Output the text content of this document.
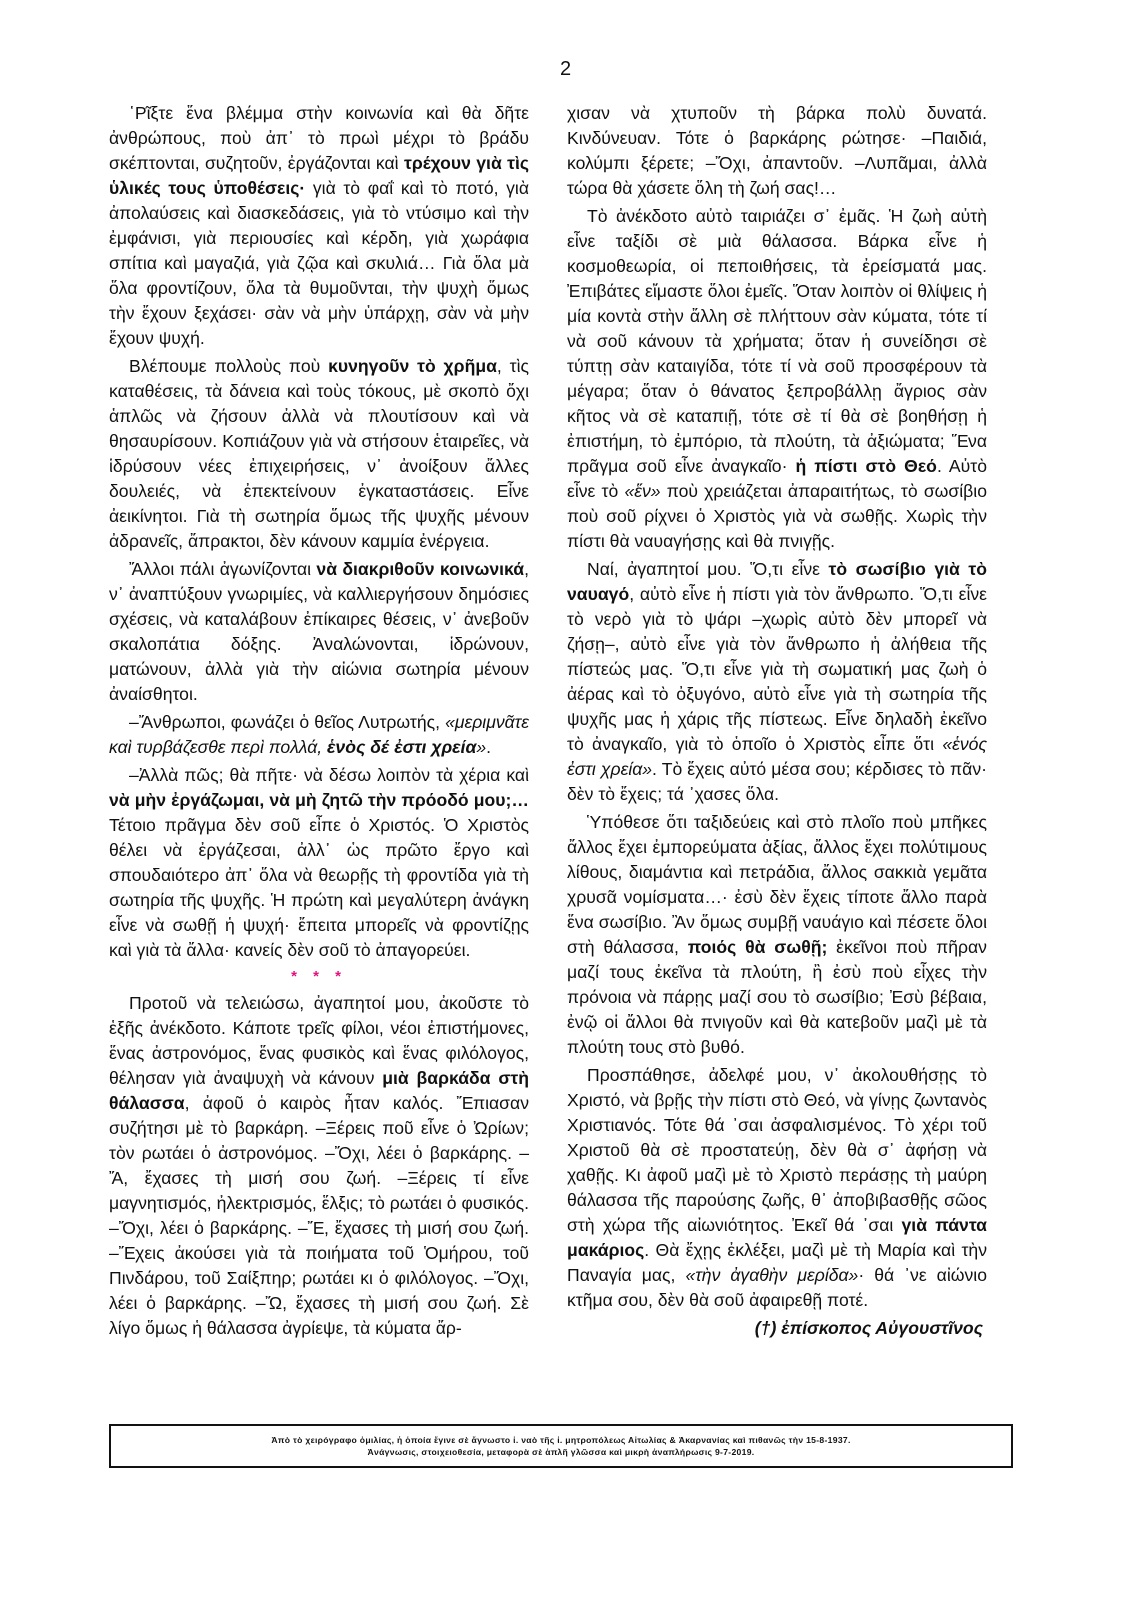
2

῾Ρῖξτε ἕνα βλέμμα στὴν κοινωνία καὶ θὰ δῆτε ἀνθρώπους, ποὺ ἀπ᾽ τὸ πρωὶ μέχρι τὸ βράδυ σκέπτονται, συζητοῦν, ἐργάζονται καὶ τρέχουν γιὰ τὶς ὑλικές τους ὑποθέσεις· γιὰ τὸ φαΐ καὶ τὸ ποτό, γιὰ ἀπολαύσεις καὶ διασκεδάσεις, γιὰ τὸ ντύσιμο καὶ τὴν ἐμφάνισι, γιὰ περιουσίες καὶ κέρδη, γιὰ χωράφια σπίτια καὶ μαγαζιά, γιὰ ζῷα καὶ σκυλιά… Γιὰ ὅλα μὰ ὅλα φροντίζουν, ὅλα τὰ θυμοῦνται, τὴν ψυχὴ ὅμως τὴν ἔχουν ξεχάσει· σὰν νὰ μὴν ὑπάρχῃ, σὰν νὰ μὴν ἔχουν ψυχή.

Βλέπουμε πολλοὺς ποὺ κυνηγοῦν τὸ χρῆμα, τὶς καταθέσεις, τὰ δάνεια καὶ τοὺς τόκους, μὲ σκοπὸ ὄχι ἁπλῶς νὰ ζήσουν ἀλλὰ νὰ πλουτίσουν καὶ νὰ θησαυρίσουν. Κοπιάζουν γιὰ νὰ στήσουν ἑταιρεῖες, νὰ ἱδρύσουν νέες ἐπιχειρήσεις, ν᾽ ἀνοίξουν ἄλλες δουλειές, νὰ ἐπεκτείνουν ἐγκαταστάσεις. Εἶνε ἀεικίνητοι. Γιὰ τὴ σωτηρία ὅμως τῆς ψυχῆς μένουν ἀδρανεῖς, ἄπρακτοι, δὲν κάνουν καμμία ἐνέργεια.

Ἄλλοι πάλι ἀγωνίζονται νὰ διακριθοῦν κοινωνικά, ν᾽ ἀναπτύξουν γνωριμίες, νὰ καλλιεργήσουν δημόσιες σχέσεις, νὰ καταλάβουν ἐπίκαιρες θέσεις, ν᾽ ἀνεβοῦν σκαλοπάτια δόξης. Ἀναλώνονται, ἱδρώνουν, ματώνουν, ἀλλὰ γιὰ τὴν αἰώνια σωτηρία μένουν ἀναίσθητοι.

–Ἄνθρωποι, φωνάζει ὁ θεῖος Λυτρωτής, «μεριμνᾶτε καὶ τυρβάζεσθε περὶ πολλά, ἑνὸς δέ ἐστι χρεία».

–Ἀλλὰ πῶς; θὰ πῆτε· νὰ δέσω λοιπὸν τὰ χέρια καὶ νὰ μὴν ἐργάζωμαι, νὰ μὴ ζητῶ τὴν πρόοδό μου;… Τέτοιο πρᾶγμα δὲν σοῦ εἶπε ὁ Χριστός. Ὁ Χριστὸς θέλει νὰ ἐργάζεσαι, ἀλλ᾽ ὡς πρῶτο ἔργο καὶ σπουδαιότερο ἀπ᾽ ὅλα νὰ θεωρῇς τὴ φροντίδα γιὰ τὴ σωτηρία τῆς ψυχῆς. Ἡ πρώτη καὶ μεγαλύτερη ἀνάγκη εἶνε νὰ σωθῇ ἡ ψυχή· ἔπειτα μπορεῖς νὰ φροντίζῃς καὶ γιὰ τὰ ἄλλα· κανείς δὲν σοῦ τὸ ἀπαγορεύει.

* * *

Προτοῦ νὰ τελειώσω, ἀγαπητοί μου, ἀκοῦστε τὸ ἑξῆς ἀνέκδοτο. Κάποτε τρεῖς φίλοι, νέοι ἐπιστήμονες, ἕνας ἀστρονόμος, ἕνας φυσικὸς καὶ ἕνας φιλόλογος, θέλησαν γιὰ ἀναψυχὴ νὰ κάνουν μιὰ βαρκάδα στὴ θάλασσα, ἀφοῦ ὁ καιρὸς ἦταν καλός. Ἔπιασαν συζήτησι μὲ τὸ βαρκάρη. –Ξέρεις ποῦ εἶνε ὁ Ὠρίων; τὸν ρωτάει ὁ ἀστρονόμος. –Ὄχι, λέει ὁ βαρκάρης. –Ἄ, ἔχασες τὴ μισή σου ζωή. –Ξέρεις τί εἶνε μαγνητισμός, ἠλεκτρισμός, ἕλξις; τὸ ρωτάει ὁ φυσικός. –Ὄχι, λέει ὁ βαρκάρης. –Ἔ, ἔχασες τὴ μισή σου ζωή. –Ἔχεις ἀκούσει γιὰ τὰ ποιήματα τοῦ Ὁμήρου, τοῦ Πινδάρου, τοῦ Σαίξπηρ; ρωτάει κι ὁ φιλόλογος. –Ὄχι, λέει ὁ βαρκάρης. –Ὤ, ἔχασες τὴ μισή σου ζωή. Σὲ λίγο ὅμως ἡ θάλασσα ἀγρίεψε, τὰ κύματα ἄρ-

χισαν νὰ χτυποῦν τὴ βάρκα πολὺ δυνατά. Κινδύνευαν. Τότε ὁ βαρκάρης ρώτησε· –Παιδιά, κολύμπι ξέρετε; –Ὄχι, ἀπαντοῦν. –Λυπᾶμαι, ἀλλὰ τώρα θὰ χάσετε ὅλη τὴ ζωή σας!…

Τὸ ἀνέκδοτο αὐτὸ ταιριάζει σ᾽ ἐμᾶς. Ἡ ζωὴ αὐτὴ εἶνε ταξίδι σὲ μιὰ θάλασσα. Βάρκα εἶνε ἡ κοσμοθεωρία, οἱ πεποιθήσεις, τὰ ἐρείσματά μας. Ἐπιβάτες εἴμαστε ὅλοι ἐμεῖς. Ὅταν λοιπὸν οἱ θλίψεις ἡ μία κοντὰ στὴν ἄλλη σὲ πλήττουν σὰν κύματα, τότε τί νὰ σοῦ κάνουν τὰ χρήματα; ὅταν ἡ συνείδησι σὲ τύπτῃ σὰν καταιγίδα, τότε τί νὰ σοῦ προσφέρουν τὰ μέγαρα; ὅταν ὁ θάνατος ξεπροβάλλῃ ἄγριος σὰν κῆτος νὰ σὲ καταπιῇ, τότε σὲ τί θὰ σὲ βοηθήσῃ ἡ ἐπιστήμη, τὸ ἐμπόριο, τὰ πλούτη, τὰ ἀξιώματα; Ἕνα πρᾶγμα σοῦ εἶνε ἀναγκαῖο· ἡ πίστι στὸ Θεό. Αὐτὸ εἶνε τὸ «ἕν» ποὺ χρειάζεται ἀπαραιτήτως, τὸ σωσίβιο ποὺ σοῦ ρίχνει ὁ Χριστὸς γιὰ νὰ σωθῇς. Χωρὶς τὴν πίστι θὰ ναυαγήσῃς καὶ θὰ πνιγῇς.

Ναί, ἀγαπητοί μου. Ὅ,τι εἶνε τὸ σωσίβιο γιὰ τὸ ναυαγό, αὐτὸ εἶνε ἡ πίστι γιὰ τὸν ἄνθρωπο. Ὅ,τι εἶνε τὸ νερὸ γιὰ τὸ ψάρι –χωρὶς αὐτὸ δὲν μπορεῖ νὰ ζήσῃ–, αὐτὸ εἶνε γιὰ τὸν ἄνθρωπο ἡ ἀλήθεια τῆς πίστεώς μας. Ὅ,τι εἶνε γιὰ τὴ σωματική μας ζωὴ ὁ ἀέρας καὶ τὸ ὀξυγόνο, αὐτὸ εἶνε γιὰ τὴ σωτηρία τῆς ψυχῆς μας ἡ χάρις τῆς πίστεως. Εἶνε δηλαδὴ ἐκεῖνο τὸ ἀναγκαῖο, γιὰ τὸ ὁποῖο ὁ Χριστὸς εἶπε ὅτι «ἑνός ἐστι χρεία». Τὸ ἔχεις αὐτό μέσα σου; κέρδισες τὸ πᾶν· δὲν τὸ ἔχεις; τά ᾽χασες ὅλα.

Ὑπόθεσε ὅτι ταξιδεύεις καὶ στὸ πλοῖο ποὺ μπῆκες ἄλλος ἔχει ἐμπορεύματα ἀξίας, ἄλλος ἔχει πολύτιμους λίθους, διαμάντια καὶ πετράδια, ἄλλος σακκιὰ γεμᾶτα χρυσᾶ νομίσματα…· ἐσὺ δὲν ἔχεις τίποτε ἄλλο παρὰ ἕνα σωσίβιο. Ἂν ὅμως συμβῇ ναυάγιο καὶ πέσετε ὅλοι στὴ θάλασσα, ποιός θὰ σωθῇ; ἐκεῖνοι ποὺ πῆραν μαζί τους ἐκεῖνα τὰ πλούτη, ἢ ἐσὺ ποὺ εἶχες τὴν πρόνοια νὰ πάρῃς μαζί σου τὸ σωσίβιο; Ἐσὺ βέβαια, ἐνῷ οἱ ἄλλοι θὰ πνιγοῦν καὶ θὰ κατεβοῦν μαζὶ μὲ τὰ πλούτη τους στὸ βυθό.

Προσπάθησε, ἀδελφέ μου, ν᾽ ἀκολουθήσῃς τὸ Χριστό, νὰ βρῇς τὴν πίστι στὸ Θεό, νὰ γίνῃς ζωντανὸς Χριστιανός. Τότε θά ᾽σαι ἀσφαλισμένος. Τὸ χέρι τοῦ Χριστοῦ θὰ σὲ προστατεύῃ, δὲν θὰ σ᾽ ἀφήσῃ νὰ χαθῇς. Κι ἀφοῦ μαζὶ μὲ τὸ Χριστὸ περάσῃς τὴ μαύρη θάλασσα τῆς παρούσης ζωῆς, θ᾽ ἀποβιβασθῇς σῶος στὴ χώρα τῆς αἰωνιότητος. Ἐκεῖ θά ᾽σαι γιὰ πάντα μακάριος. Θὰ ἔχῃς ἐκλέξει, μαζὶ μὲ τὴ Μαρία καὶ τὴν Παναγία μας, «τὴν ἀγαθὴν μερίδα»· θά ᾽νε αἰώνιο κτῆμα σου, δὲν θὰ σοῦ ἀφαιρεθῇ ποτέ.

(†) ἐπίσκοπος Αὐγουστῖνος

Ἀπὸ τὸ χειρόγραφο ὁμιλίας, ἡ ὁποία ἔγινε σὲ ἄγνωστο ἱ. ναὸ τῆς ἱ. μητροπόλεως Αἰτωλίας & Ἀκαρνανίας καὶ πιθανῶς τὴν 15-8-1937.
Ἀνάγνωσις, στοιχειοθεσία, μεταφορὰ σὲ ἁπλῆ γλῶσσα καὶ μικρὴ ἀναπλήρωσις 9-7-2019.
